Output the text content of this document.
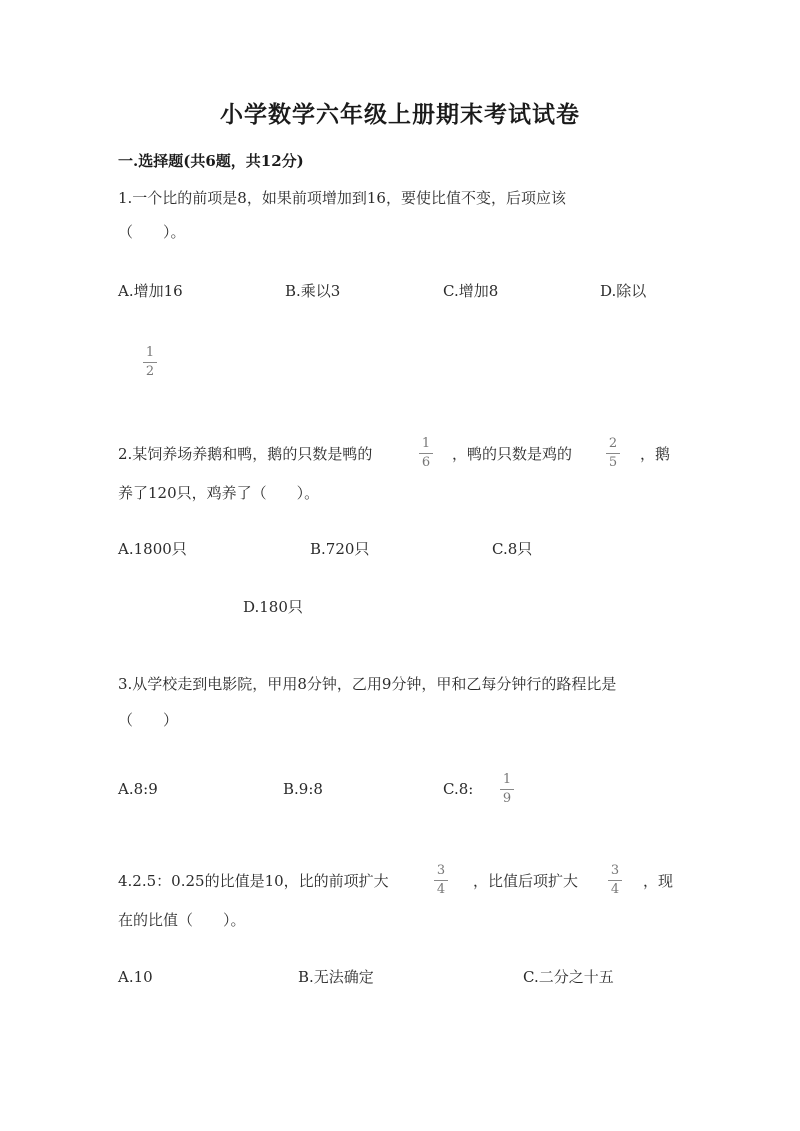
小学数学六年级上册期末考试试卷
一.选择题(共6题，共12分)
1.一个比的前项是8，如果前项增加到16，要使比值不变，后项应该
（　　）。
A.增加16	B.乘以3	C.增加8	D.除以
1
2
2.某饲养场养鹅和鸭，鹅的只数是鸭的
1
6 ，鸭的只数是鸡的
2
5 ，鹅
养了120只，鸡养了（　　）。
A.1800只	B.720只	C.8只
D.180只
3.从学校走到电影院，甲用8分钟，乙用9分钟，甲和乙每分钟行的路程比是
（　　）
A.8:9	B.9:8	C.8:
1
9
4.2.5：0.25的比值是10，比的前项扩大
3
4 ，比值后项扩大
3
4 ，现
在的比值（　　）。
A.10	B.无法确定	C.二分之十五
